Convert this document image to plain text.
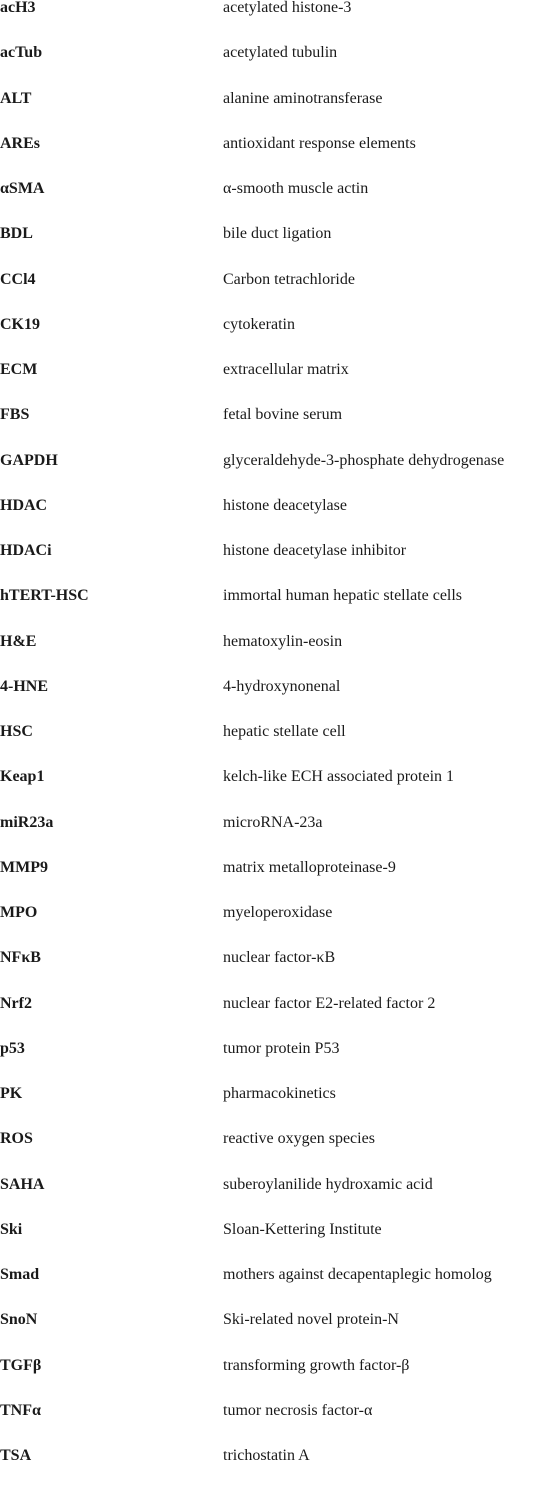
acH3	acetylated histone-3
acTub	acetylated tubulin
ALT	alanine aminotransferase
AREs	antioxidant response elements
αSMA	α-smooth muscle actin
BDL	bile duct ligation
CCl4	Carbon tetrachloride
CK19	cytokeratin
ECM	extracellular matrix
FBS	fetal bovine serum
GAPDH	glyceraldehyde-3-phosphate dehydrogenase
HDAC	histone deacetylase
HDACi	histone deacetylase inhibitor
hTERT-HSC	immortal human hepatic stellate cells
H&E	hematoxylin-eosin
4-HNE	4-hydroxynonenal
HSC	hepatic stellate cell
Keap1	kelch-like ECH associated protein 1
miR23a	microRNA-23a
MMP9	matrix metalloproteinase-9
MPO	myeloperoxidase
NFκB	nuclear factor-κB
Nrf2	nuclear factor E2-related factor 2
p53	tumor protein P53
PK	pharmacokinetics
ROS	reactive oxygen species
SAHA	suberoylanilide hydroxamic acid
Ski	Sloan-Kettering Institute
Smad	mothers against decapentaplegic homolog
SnoN	Ski-related novel protein-N
TGFβ	transforming growth factor-β
TNFα	tumor necrosis factor-α
TSA	trichostatin A
